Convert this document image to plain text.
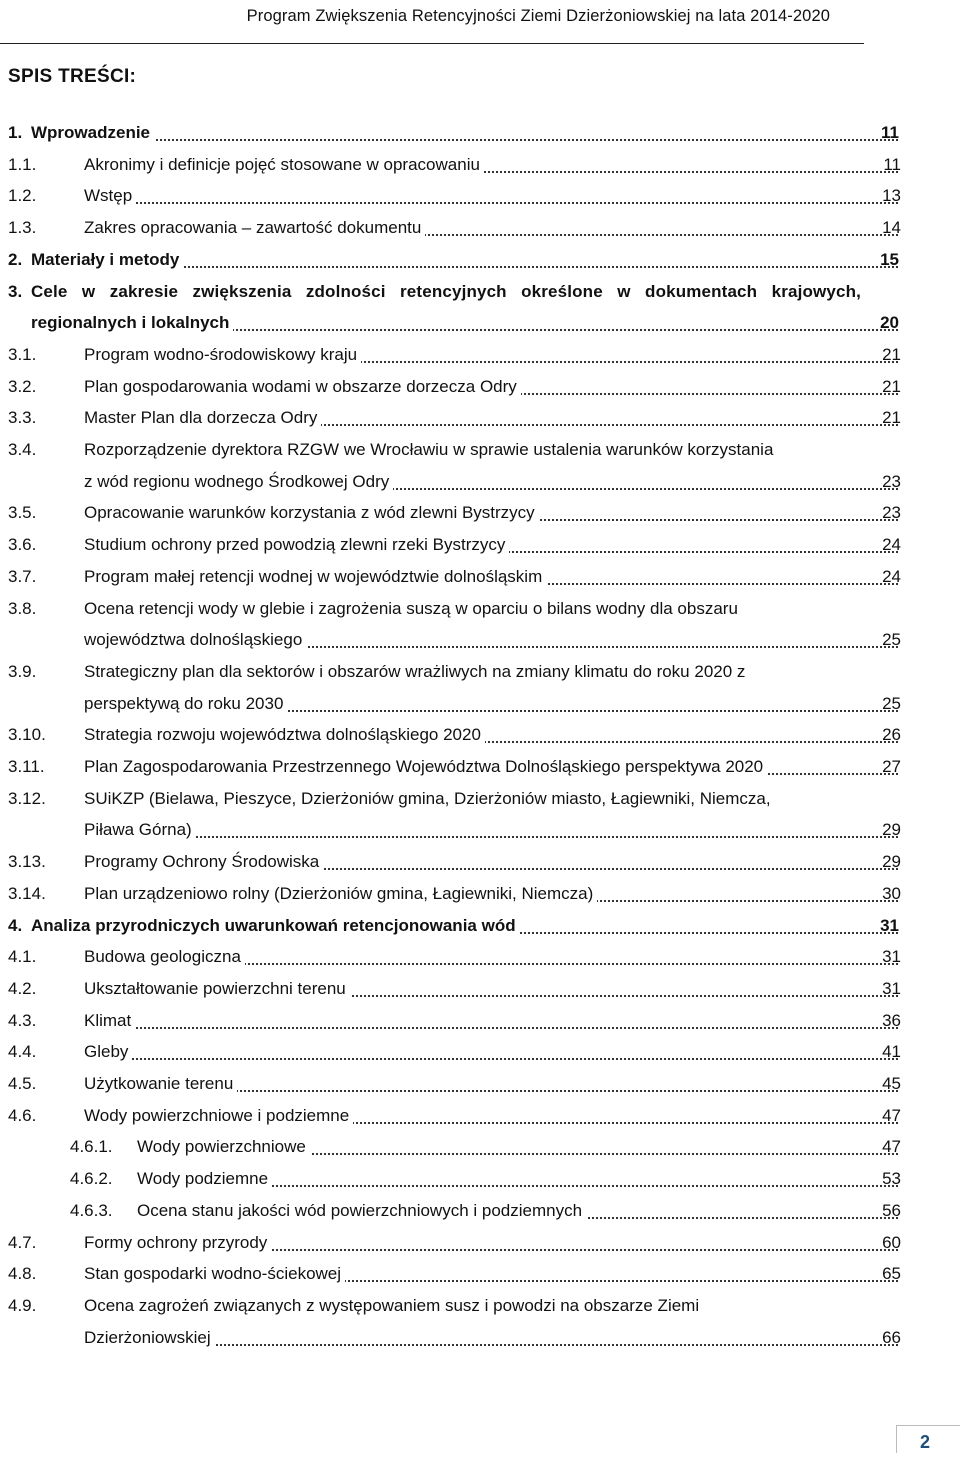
Program Zwiększenia Retencyjności Ziemi Dzierżoniowskiej na lata 2014-2020
SPIS TREŚCI:
1. Wprowadzenie	11
1.1.	Akronimy i definicje pojęć stosowane w opracowaniu	11
1.2.	Wstęp	13
1.3.	Zakres opracowania – zawartość dokumentu	14
2. Materiały i metody	15
3. Cele w zakresie zwiększenia zdolności retencyjnych określone w dokumentach krajowych,
regionalnych i lokalnych	20
3.1.	Program wodno-środowiskowy kraju	21
3.2.	Plan gospodarowania wodami w obszarze dorzecza Odry	21
3.3.	Master Plan dla dorzecza Odry	21
3.4.	Rozporządzenie dyrektora RZGW we Wrocławiu w sprawie ustalenia warunków korzystania
z wód regionu wodnego Środkowej Odry	23
3.5.	Opracowanie warunków korzystania z wód zlewni Bystrzycy	23
3.6.	Studium ochrony przed powodzią zlewni rzeki Bystrzycy	24
3.7.	Program małej retencji wodnej w województwie dolnośląskim	24
3.8.	Ocena retencji wody w glebie i zagrożenia suszą w oparciu o bilans wodny dla obszaru
województwa dolnośląskiego	25
3.9.	Strategiczny plan dla sektorów i obszarów wrażliwych na zmiany klimatu do roku 2020 z
perspektywą do roku 2030	25
3.10. Strategia rozwoju województwa dolnośląskiego 2020	26
3.11. Plan Zagospodarowania Przestrzennego Województwa Dolnośląskiego perspektywa 2020	27
3.12. SUiKZP (Bielawa, Pieszyce, Dzierżoniów gmina, Dzierżoniów miasto, Łagiewniki, Niemcza,
Piława Górna)	29
3.13. Programy Ochrony Środowiska	29
3.14. Plan urządzeniowo rolny (Dzierżoniów gmina, Łagiewniki, Niemcza)	30
4. Analiza przyrodniczych uwarunkowań retencjonowania wód	31
4.1.	Budowa geologiczna	31
4.2.	Ukształtowanie powierzchni terenu	31
4.3.	Klimat	36
4.4.	Gleby	41
4.5.	Użytkowanie terenu	45
4.6.	Wody powierzchniowe i podziemne	47
4.6.1. Wody powierzchniowe	47
4.6.2. Wody podziemne	53
4.6.3. Ocena stanu jakości wód powierzchniowych i podziemnych	56
4.7.	Formy ochrony przyrody	60
4.8.	Stan gospodarki wodno-ściekowej	65
4.9.	Ocena zagrożeń związanych z występowaniem susz i powodzi na obszarze Ziemi
Dzierżoniowskiej	66
2
